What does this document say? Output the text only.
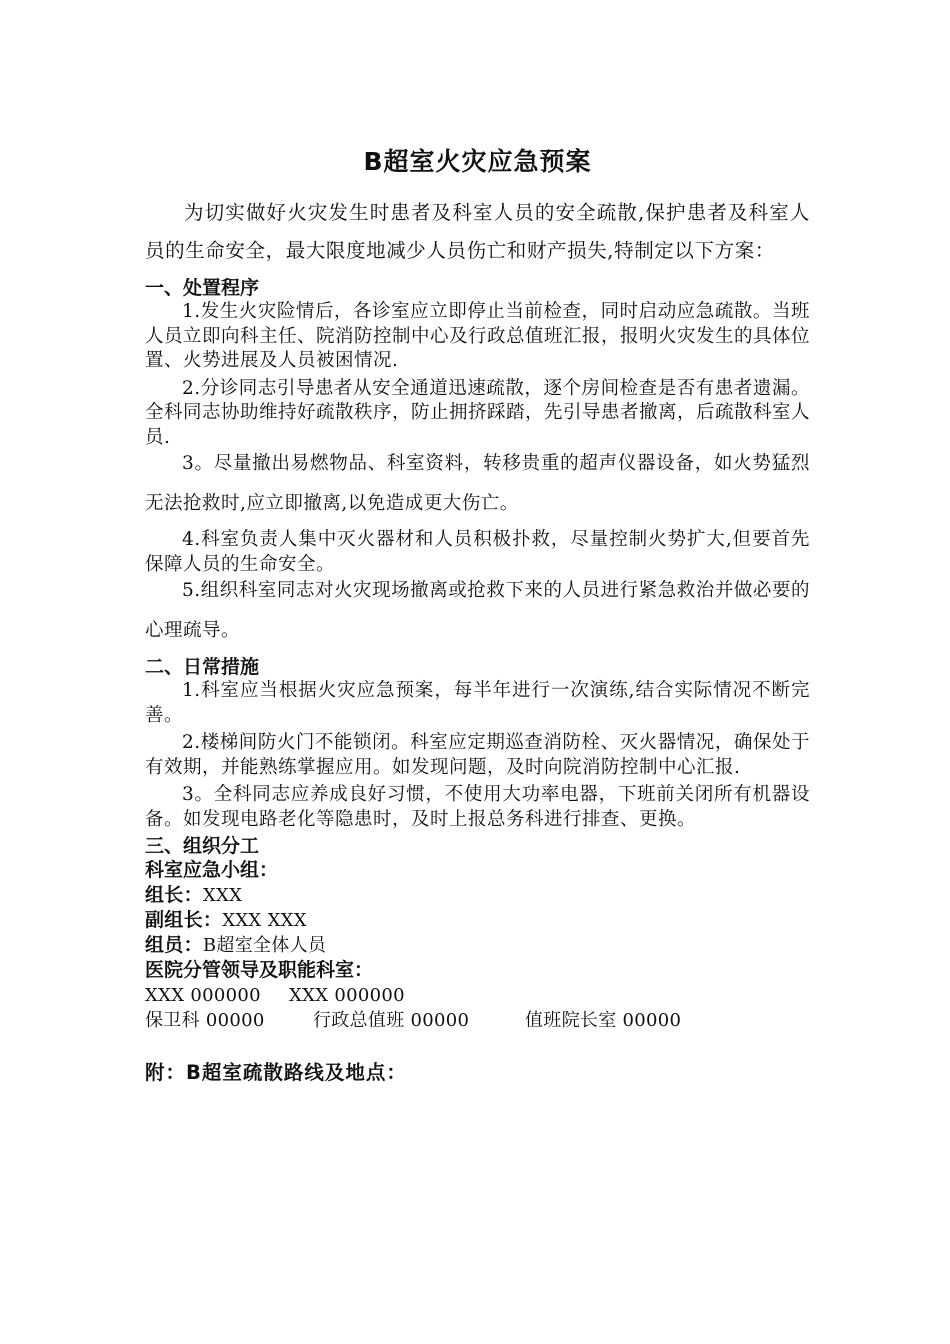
B超室火灾应急预案

为切实做好火灾发生时患者及科室人员的安全疏散,保护患者及科室人员的生命安全，最大限度地减少人员伤亡和财产损失,特制定以下方案：

一、处置程序

1.发生火灾险情后，各诊室应立即停止当前检查，同时启动应急疏散。当班人员立即向科主任、院消防控制中心及行政总值班汇报，报明火灾发生的具体位置、火势进展及人员被困情况.

2.分诊同志引导患者从安全通道迅速疏散，逐个房间检查是否有患者遗漏。全科同志协助维持好疏散秩序，防止拥挤踩踏，先引导患者撤离，后疏散科室人员.

3。尽量撤出易燃物品、科室资料，转移贵重的超声仪器设备，如火势猛烈无法抢救时,应立即撤离,以免造成更大伤亡。

4.科室负责人集中灭火器材和人员积极扑救，尽量控制火势扩大,但要首先保障人员的生命安全。

5.组织科室同志对火灾现场撤离或抢救下来的人员进行紧急救治并做必要的心理疏导。

二、日常措施

1.科室应当根据火灾应急预案，每半年进行一次演练,结合实际情况不断完善。

2.楼梯间防火门不能锁闭。科室应定期巡查消防栓、灭火器情况，确保处于有效期，并能熟练掌握应用。如发现问题，及时向院消防控制中心汇报.

3。全科同志应养成良好习惯，不使用大功率电器，下班前关闭所有机器设备。如发现电路老化等隐患时，及时上报总务科进行排查、更换。

三、组织分工

科室应急小组：

组长：XXX

副组长：XXX XXX

组员：B超室全体人员

医院分管领导及职能科室：

XXX 000000 XXX 000000

保卫科 00000	行政总值班 00000	值班院长室 00000

附：B超室疏散路线及地点：
